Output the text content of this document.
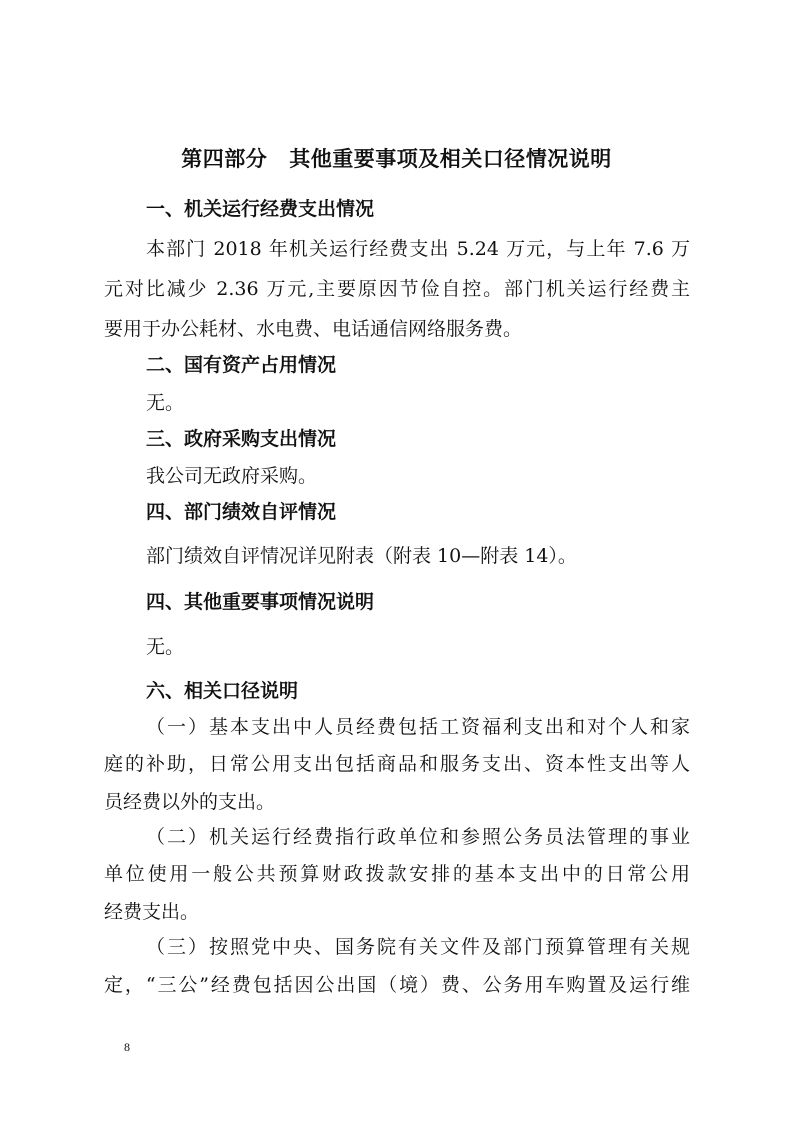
第四部分 其他重要事项及相关口径情况说明
一、机关运行经费支出情况
本部门 2018 年机关运行经费支出 5.24 万元，与上年 7.6 万
元对比减少 2.36 万元,主要原因节俭自控。部门机关运行经费主
要用于办公耗材、水电费、电话通信网络服务费。
二、国有资产占用情况
无。
三、政府采购支出情况
我公司无政府采购。
四、部门绩效自评情况
部门绩效自评情况详见附表（附表 10—附表 14）。
四、其他重要事项情况说明
无。
六、相关口径说明
（一）基本支出中人员经费包括工资福利支出和对个人和家
庭的补助，日常公用支出包括商品和服务支出、资本性支出等人
员经费以外的支出。
（二）机关运行经费指行政单位和参照公务员法管理的事业
单位使用一般公共预算财政拨款安排的基本支出中的日常公用
经费支出。
（三）按照党中央、国务院有关文件及部门预算管理有关规
定，“三公”经费包括因公出国（境）费、公务用车购置及运行维
8
